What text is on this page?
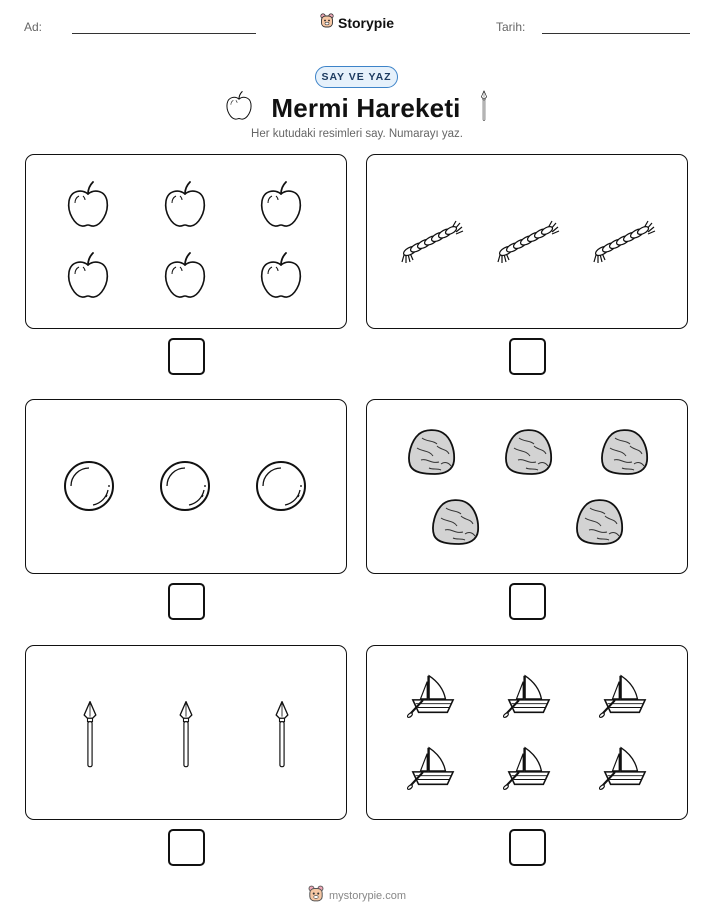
Ad:	Storypie	Tarih:
SAY VE YAZ
Mermi Hareketi
Her kutudaki resimleri say. Numarayı yaz.
mystorypie.com
